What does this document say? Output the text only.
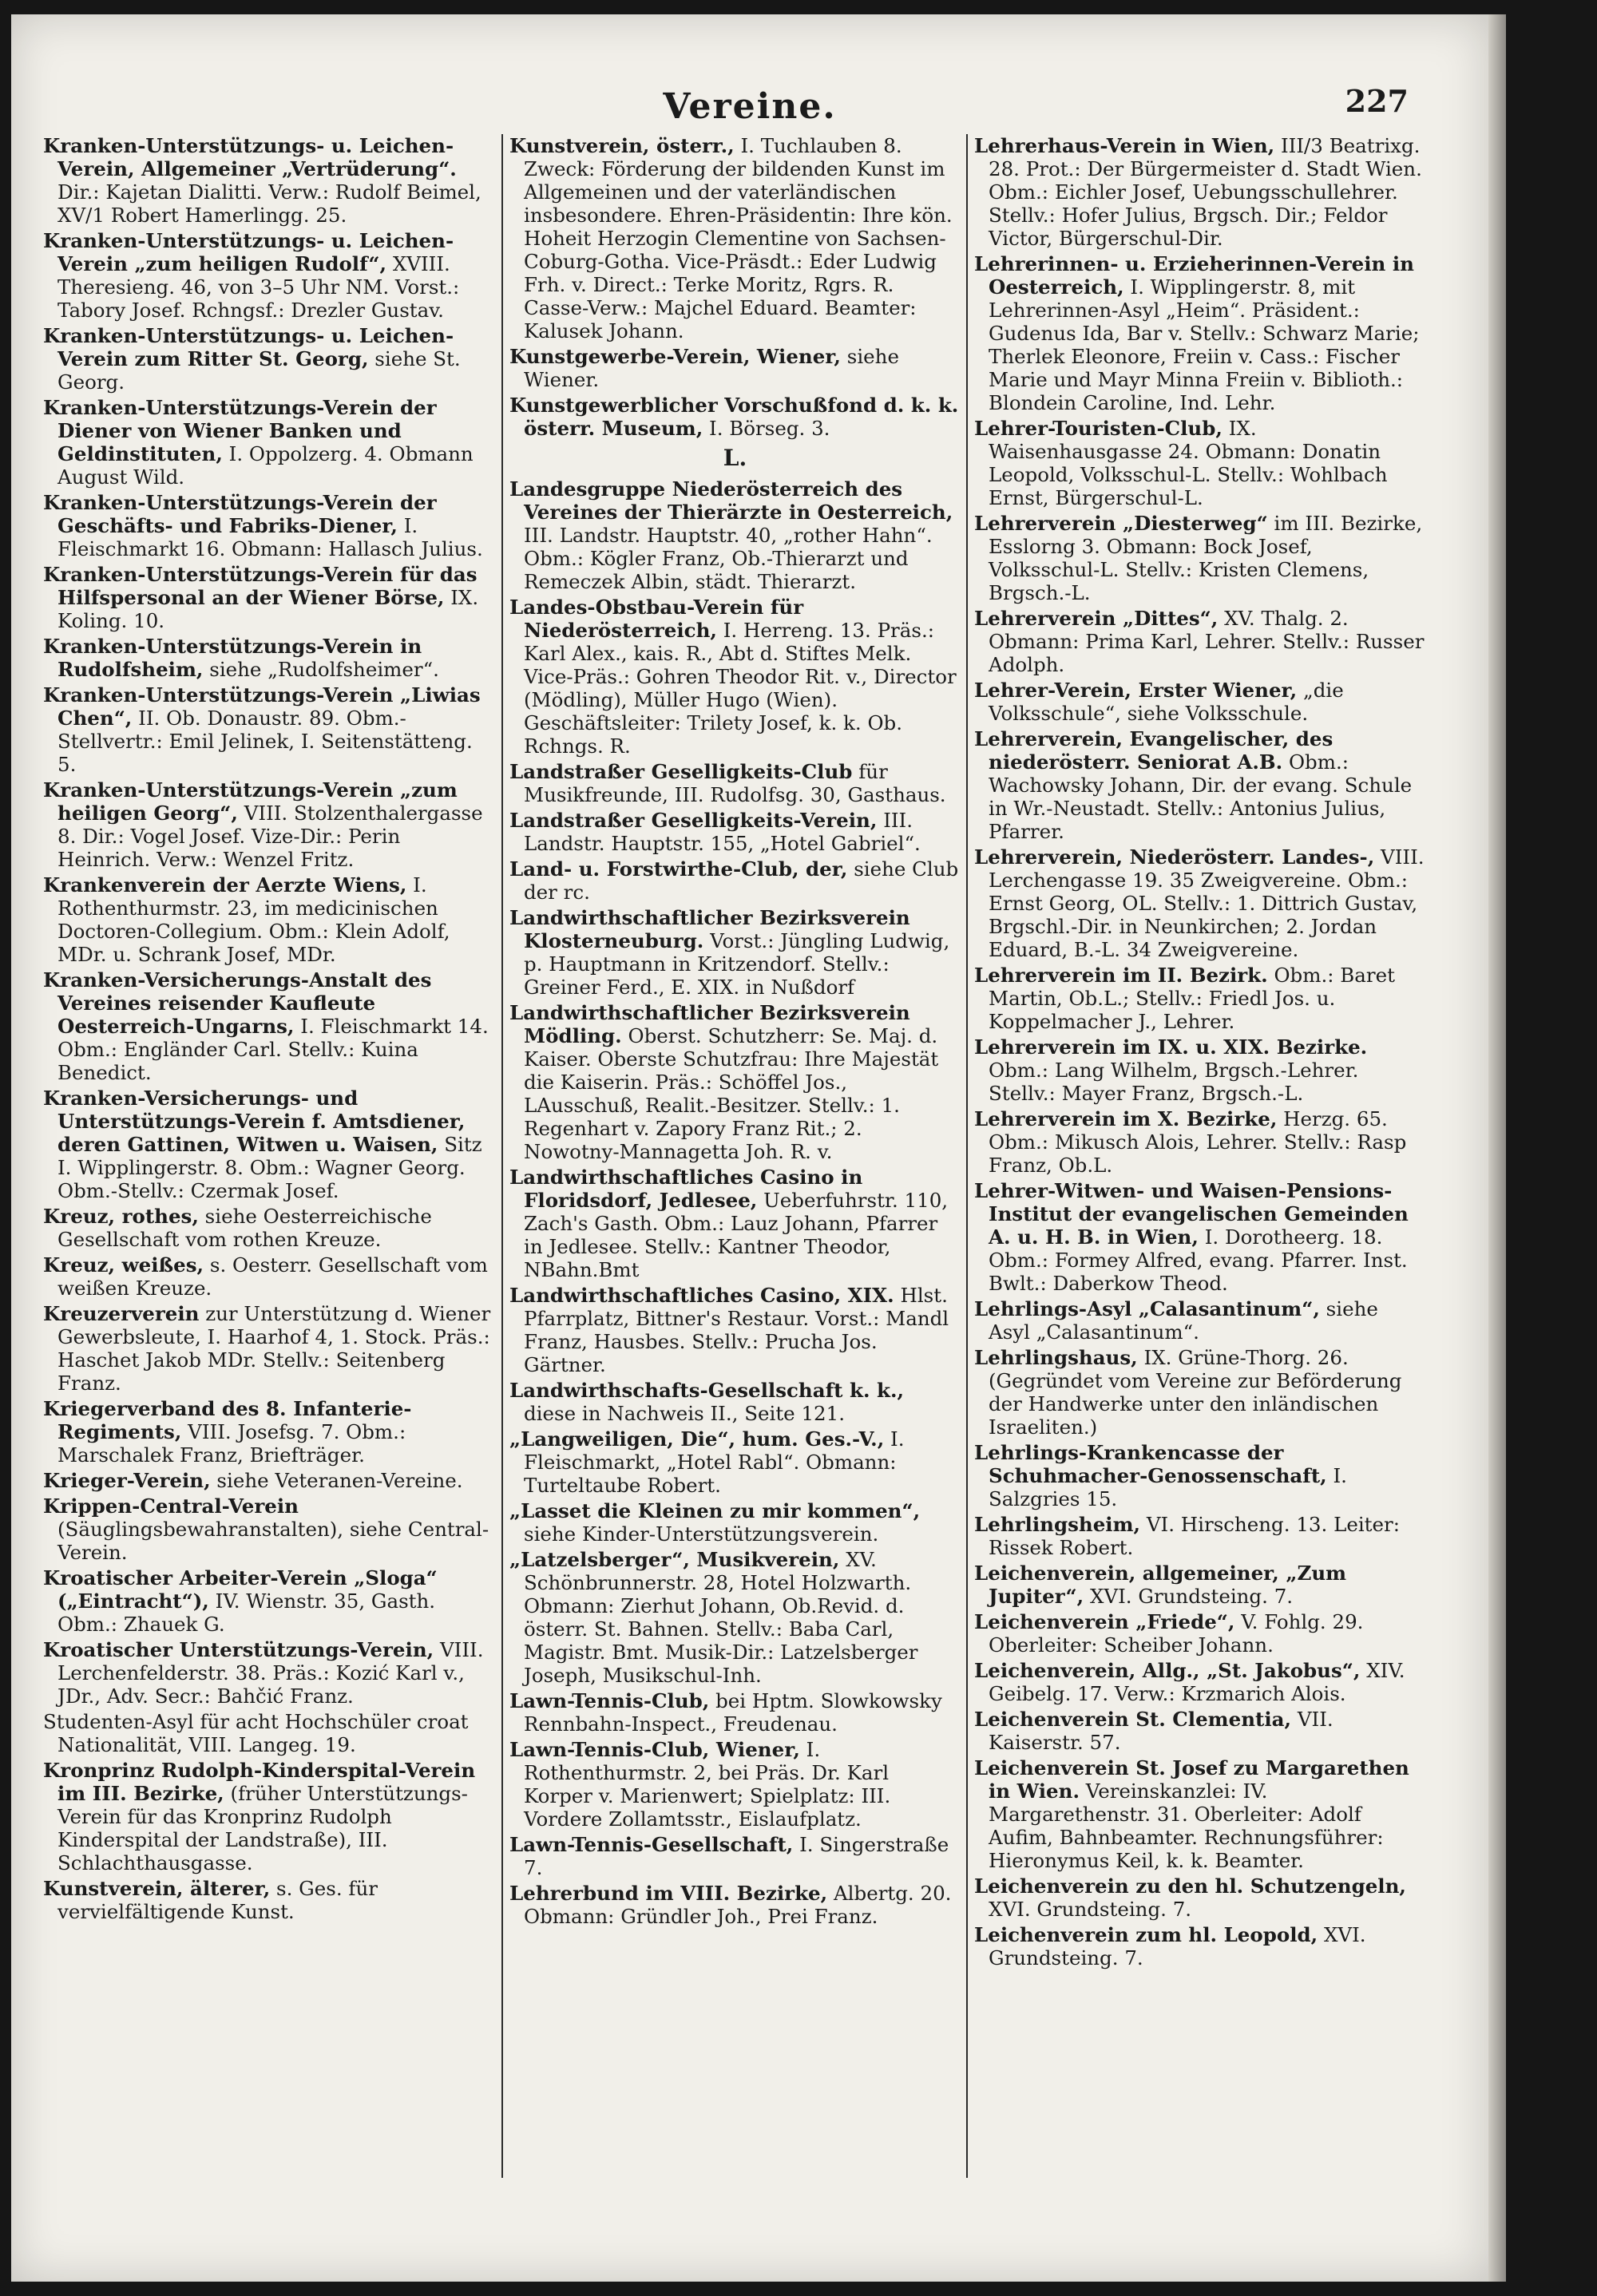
Vereine.	227
Kranken-Unterstützungs- u. Leichen-Verein, Allgemeiner „Vertrüderung“. Dir.: Kajetan Dialitti. Verw.: Rudolf Beimel, XV/1 Robert Hamerlingg. 25.
Kranken-Unterstützungs- u. Leichen-Verein „zum heiligen Rudolf“, XVIII. Theresieng. 46, von 3–5 Uhr NM. Vorst.: Tabory Josef. Rchngsf.: Drezler Gustav.
Kranken-Unterstützungs- u. Leichen-Verein zum Ritter St. Georg, siehe St. Georg.
Kranken-Unterstützungs-Verein der Diener von Wiener Banken und Geldinstituten, I. Oppolzerg. 4. Obmann August Wild.
Kranken-Unterstützungs-Verein der Geschäfts- und Fabriks-Diener, I. Fleischmarkt 16. Obmann: Hallasch Julius.
Kranken-Unterstützungs-Verein für das Hilfspersonal an der Wiener Börse, IX. Koling. 10.
Kranken-Unterstützungs-Verein in Rudolfsheim, siehe „Rudolfsheimer“.
Kranken-Unterstützungs-Verein „Liwias Chen“, II. Ob. Donaustr. 89. Obm.-Stellvertr.: Emil Jelinek, I. Seitenstätteng. 5.
Kranken-Unterstützungs-Verein „zum heiligen Georg“, VIII. Stolzenthalergasse 8. Dir.: Vogel Josef. Vize-Dir.: Perin Heinrich. Verw.: Wenzel Fritz.
Krankenverein der Aerzte Wiens, I. Rothenthurmstr. 23, im medicinischen Doctoren-Collegium. Obm.: Klein Adolf, MDr. u. Schrank Josef, MDr.
Kranken-Versicherungs-Anstalt des Vereines reisender Kaufleute Oesterreich-Ungarns, I. Fleischmarkt 14. Obm.: Engländer Carl. Stellv.: Kuina Benedict.
Kranken-Versicherungs- und Unterstützungs-Verein f. Amtsdiener, deren Gattinen, Witwen u. Waisen, Sitz I. Wipplingerstr. 8. Obm.: Wagner Georg. Obm.-Stellv.: Czermak Josef.
Kreuz, rothes, siehe Oesterreichische Gesellschaft vom rothen Kreuze.
Kreuz, weißes, s. Oesterr. Gesellschaft vom weißen Kreuze.
Kreuzerverein zur Unterstützung d. Wiener Gewerbsleute, I. Haarhof 4, 1. Stock. Präs.: Haschet Jakob MDr. Stellv.: Seitenberg Franz.
Kriegerverband des 8. Infanterie-Regiments, VIII. Josefsg. 7. Obm.: Marschalek Franz, Briefträger.
Krieger-Verein, siehe Veteranen-Vereine.
Krippen-Central-Verein (Säuglingsbewahranstalten), siehe Central-Verein.
Kroatischer Arbeiter-Verein „Sloga“ („Eintracht“), IV. Wienstr. 35, Gasth. Obm.: Zhauek G.
Kroatischer Unterstützungs-Verein, VIII. Lerchenfelderstr. 38. Präs.: Kozić Karl v., JDr., Adv. Secr.: Bahčić Franz.
Studenten-Asyl für acht Hochschüler croat Nationalität, VIII. Langeg. 19.
Kronprinz Rudolph-Kinderspital-Verein im III. Bezirke, (früher Unterstützungs-Verein für das Kronprinz Rudolph Kinderspital der Landstraße), III. Schlachthausgasse.
Kunstverein, älterer, s. Ges. für vervielfältigende Kunst.
Kunstverein, österr., I. Tuchlauben 8. Zweck: Förderung der bildenden Kunst im Allgemeinen und der vaterländischen insbesondere. Ehren-Präsidentin: Ihre kön. Hoheit Herzogin Clementine von Sachsen-Coburg-Gotha. Vice-Präsdt.: Eder Ludwig Frh. v. Direct.: Terke Moritz, Rgrs. R. Casse-Verw.: Majchel Eduard. Beamter: Kalusek Johann.
Kunstgewerbe-Verein, Wiener, siehe Wiener.
Kunstgewerblicher Vorschußfond d. k. k. österr. Museum, I. Börseg. 3.
L.
Landesgruppe Niederösterreich des Vereines der Thierärzte in Oesterreich, III. Landstr. Hauptstr. 40, „rother Hahn“. Obm.: Kögler Franz, Ob.-Thierarzt und Remeczek Albin, städt. Thierarzt.
Landes-Obstbau-Verein für Niederösterreich, I. Herreng. 13. Präs.: Karl Alex., kais. R., Abt d. Stiftes Melk. Vice-Präs.: Gohren Theodor Rit. v., Director (Mödling), Müller Hugo (Wien). Geschäftsleiter: Trilety Josef, k. k. Ob. Rchngs. R.
Landstraßer Geselligkeits-Club für Musikfreunde, III. Rudolfsg. 30, Gasthaus.
Landstraßer Geselligkeits-Verein, III. Landstr. Hauptstr. 155, „Hotel Gabriel“.
Land- u. Forstwirthe-Club, der, siehe Club der rc.
Landwirthschaftlicher Bezirksverein Klosterneuburg. Vorst.: Jüngling Ludwig, p. Hauptmann in Kritzendorf. Stellv.: Greiner Ferd., E. XIX. in Nußdorf
Landwirthschaftlicher Bezirksverein Mödling. Oberst. Schutzherr: Se. Maj. d. Kaiser. Oberste Schutzfrau: Ihre Majestät die Kaiserin. Präs.: Schöffel Jos., LAusschuß, Realit.-Besitzer. Stellv.: 1. Regenhart v. Zapory Franz Rit.; 2. Nowotny-Mannagetta Joh. R. v.
Landwirthschaftliches Casino in Floridsdorf, Jedlesee, Ueberfuhrstr. 110, Zach's Gasth. Obm.: Lauz Johann, Pfarrer in Jedlesee. Stellv.: Kantner Theodor, NBahn.Bmt
Landwirthschaftliches Casino, XIX. Hlst. Pfarrplatz, Bittner's Restaur. Vorst.: Mandl Franz, Hausbes. Stellv.: Prucha Jos. Gärtner.
Landwirthschafts-Gesellschaft k. k., diese in Nachweis II., Seite 121.
„Langweiligen, Die“, hum. Ges.-V., I. Fleischmarkt, „Hotel Rabl“. Obmann: Turteltaube Robert.
„Lasset die Kleinen zu mir kommen“, siehe Kinder-Unterstützungsverein.
„Latzelsberger“, Musikverein, XV. Schönbrunnerstr. 28, Hotel Holzwarth. Obmann: Zierhut Johann, Ob.Revid. d. österr. St. Bahnen. Stellv.: Baba Carl, Magistr. Bmt. Musik-Dir.: Latzelsberger Joseph, Musikschul-Inh.
Lawn-Tennis-Club, bei Hptm. Slowkowsky Rennbahn-Inspect., Freudenau.
Lawn-Tennis-Club, Wiener, I. Rothenthurmstr. 2, bei Präs. Dr. Karl Korper v. Marienwert; Spielplatz: III. Vordere Zollamtsstr., Eislaufplatz.
Lawn-Tennis-Gesellschaft, I. Singerstraße 7.
Lehrerbund im VIII. Bezirke, Albertg. 20. Obmann: Gründler Joh., Prei Franz.
Lehrerhaus-Verein in Wien, III/3 Beatrixg. 28. Prot.: Der Bürgermeister d. Stadt Wien. Obm.: Eichler Josef, Uebungsschullehrer. Stellv.: Hofer Julius, Brgsch. Dir.; Feldor Victor, Bürgerschul-Dir.
Lehrerinnen- u. Erzieherinnen-Verein in Oesterreich, I. Wipplingerstr. 8, mit Lehrerinnen-Asyl „Heim“. Präsident.: Gudenus Ida, Bar v. Stellv.: Schwarz Marie; Therlek Eleonore, Freiin v. Cass.: Fischer Marie und Mayr Minna Freiin v. Biblioth.: Blondein Caroline, Ind. Lehr.
Lehrer-Touristen-Club, IX. Waisenhausgasse 24. Obmann: Donatin Leopold, Volksschul-L. Stellv.: Wohlbach Ernst, Bürgerschul-L.
Lehrerverein „Diesterweg“ im III. Bezirke, Esslorng 3. Obmann: Bock Josef, Volksschul-L. Stellv.: Kristen Clemens, Brgsch.-L.
Lehrerverein „Dittes“, XV. Thalg. 2. Obmann: Prima Karl, Lehrer. Stellv.: Russer Adolph.
Lehrer-Verein, Erster Wiener, „die Volksschule“, siehe Volksschule.
Lehrerverein, Evangelischer, des niederösterr. Seniorat A.B. Obm.: Wachowsky Johann, Dir. der evang. Schule in Wr.-Neustadt. Stellv.: Antonius Julius, Pfarrer.
Lehrerverein, Niederösterr. Landes-, VIII. Lerchengasse 19. 35 Zweigvereine. Obm.: Ernst Georg, OL. Stellv.: 1. Dittrich Gustav, Brgschl.-Dir. in Neunkirchen; 2. Jordan Eduard, B.-L. 34 Zweigvereine.
Lehrerverein im II. Bezirk. Obm.: Baret Martin, Ob.L.; Stellv.: Friedl Jos. u. Koppelmacher J., Lehrer.
Lehrerverein im IX. u. XIX. Bezirke. Obm.: Lang Wilhelm, Brgsch.-Lehrer. Stellv.: Mayer Franz, Brgsch.-L.
Lehrerverein im X. Bezirke, Herzg. 65. Obm.: Mikusch Alois, Lehrer. Stellv.: Rasp Franz, Ob.L.
Lehrer-Witwen- und Waisen-Pensions-Institut der evangelischen Gemeinden A. u. H. B. in Wien, I. Dorotheerg. 18. Obm.: Formey Alfred, evang. Pfarrer. Inst. Bwlt.: Daberkow Theod.
Lehrlings-Asyl „Calasantinum“, siehe Asyl „Calasantinum“.
Lehrlingshaus, IX. Grüne-Thorg. 26. (Gegründet vom Vereine zur Beförderung der Handwerke unter den inländischen Israeliten.)
Lehrlings-Krankencasse der Schuhmacher-Genossenschaft, I. Salzgries 15.
Lehrlingsheim, VI. Hirscheng. 13. Leiter: Rissek Robert.
Leichenverein, allgemeiner, „Zum Jupiter“, XVI. Grundsteing. 7.
Leichenverein „Friede“, V. Fohlg. 29. Oberleiter: Scheiber Johann.
Leichenverein, Allg., „St. Jakobus“, XIV. Geibelg. 17. Verw.: Krzmarich Alois.
Leichenverein St. Clementia, VII. Kaiserstr. 57.
Leichenverein St. Josef zu Margarethen in Wien. Vereinskanzlei: IV. Margarethenstr. 31. Oberleiter: Adolf Aufim, Bahnbeamter. Rechnungsführer: Hieronymus Keil, k. k. Beamter.
Leichenverein zu den hl. Schutzengeln, XVI. Grundsteing. 7.
Leichenverein zum hl. Leopold, XVI. Grundsteing. 7.
